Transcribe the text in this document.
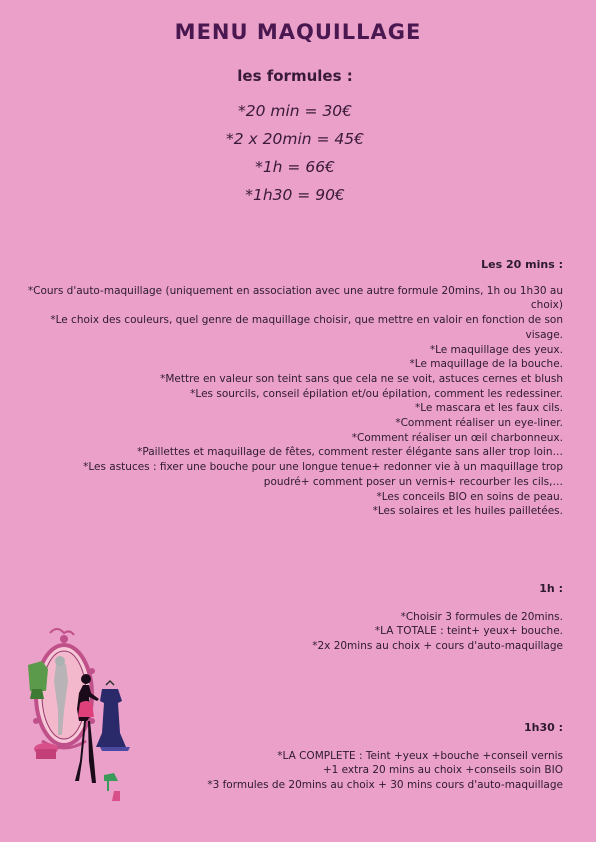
MENU MAQUILLAGE
les formules :
*20 min = 30€
*2 x 20min = 45€
*1h = 66€
*1h30 = 90€
Les 20 mins :
*Cours d'auto-maquillage (uniquement en association avec une autre formule 20mins, 1h ou 1h30 au choix)
*Le choix des couleurs, quel genre de maquillage choisir, que mettre en valoir en fonction de son visage.
*Le maquillage des yeux.
*Le maquillage de la bouche.
*Mettre en valeur son teint sans que cela ne se voit, astuces cernes et blush
*Les sourcils, conseil épilation et/ou épilation, comment les redessiner.
*Le mascara et les faux cils.
*Comment réaliser un eye-liner.
*Comment réaliser un œil charbonneux.
*Paillettes et maquillage de fêtes, comment rester élégante sans aller trop loin…
*Les astuces : fixer une bouche pour une longue tenue+ redonner vie à un maquillage trop poudré+ comment poser un vernis+ recourber les cils,…
*Les conceils BIO en soins de peau.
*Les solaires et les huiles pailletées.
1h :
*Choisir 3 formules de 20mins.
*LA TOTALE : teint+ yeux+ bouche.
*2x 20mins au choix + cours d'auto-maquillage
1h30 :
*LA COMPLETE : Teint +yeux +bouche +conseil vernis
+1 extra 20 mins au choix +conseils soin BIO
*3 formules de 20mins au choix + 30 mins cours d'auto-maquillage
